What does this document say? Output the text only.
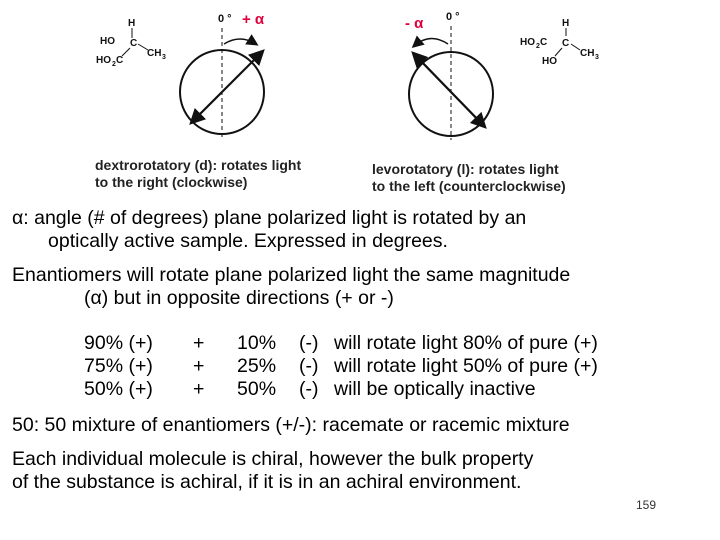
H
HO C
CH 3
HO 2 C
0 ° + α	- α 0 °
H
HO 2 C C
CH 3
HO
dextrorotatory (d): rotates light
to the right (clockwise)
levorotatory (l): rotates light
to the left (counterclockwise)
α: angle (# of degrees) plane polarized light is rotated by an
optically active sample. Expressed in degrees.
Enantiomers will rotate plane polarized light the same magnitude
(α) but in opposite directions (+ or -)
90% (+) + 10% (-) will rotate light 80% of pure (+)
75% (+) + 25% (-) will rotate light 50% of pure (+)
50% (+) + 50% (-) will be optically inactive
50: 50 mixture of enantiomers (+/-): racemate or racemic mixture
Each individual molecule is chiral, however the bulk property
of the substance is achiral, if it is in an achiral environment.
159
